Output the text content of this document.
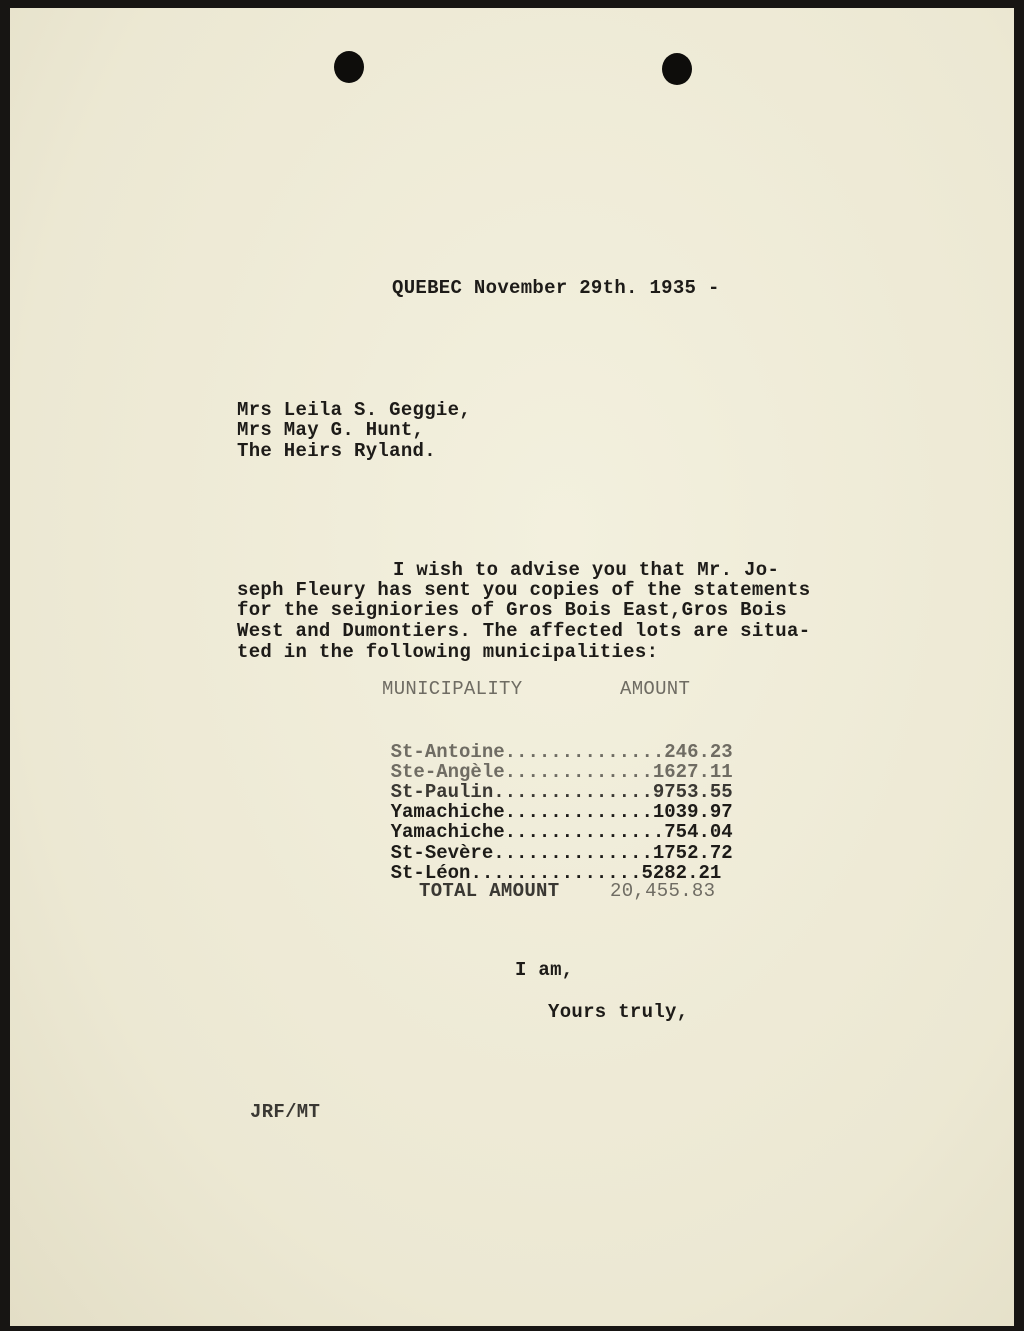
QUEBEC November 29th. 1935 -
Mrs Leila S. Geggie,
Mrs May G. Hunt,
The Heirs Ryland.
I wish to advise you that Mr. Jo-
seph Fleury has sent you copies of the statements
for the seigniories of Gros Bois East,Gros Bois
West and Dumontiers. The affected lots are situa-
ted in the following municipalities:
MUNICIPALITY	AMOUNT

St-Antoine..............246.23

Ste-Angèle.............1627.11

St-Paulin..............9753.55

Yamachiche.............1039.97

Yamachiche..............754.04

St-Sevère..............1752.72

St-Léon...............5282.21

TOTAL AMOUNT	20,455.83
I am,
Yours truly,
JRF/MT
